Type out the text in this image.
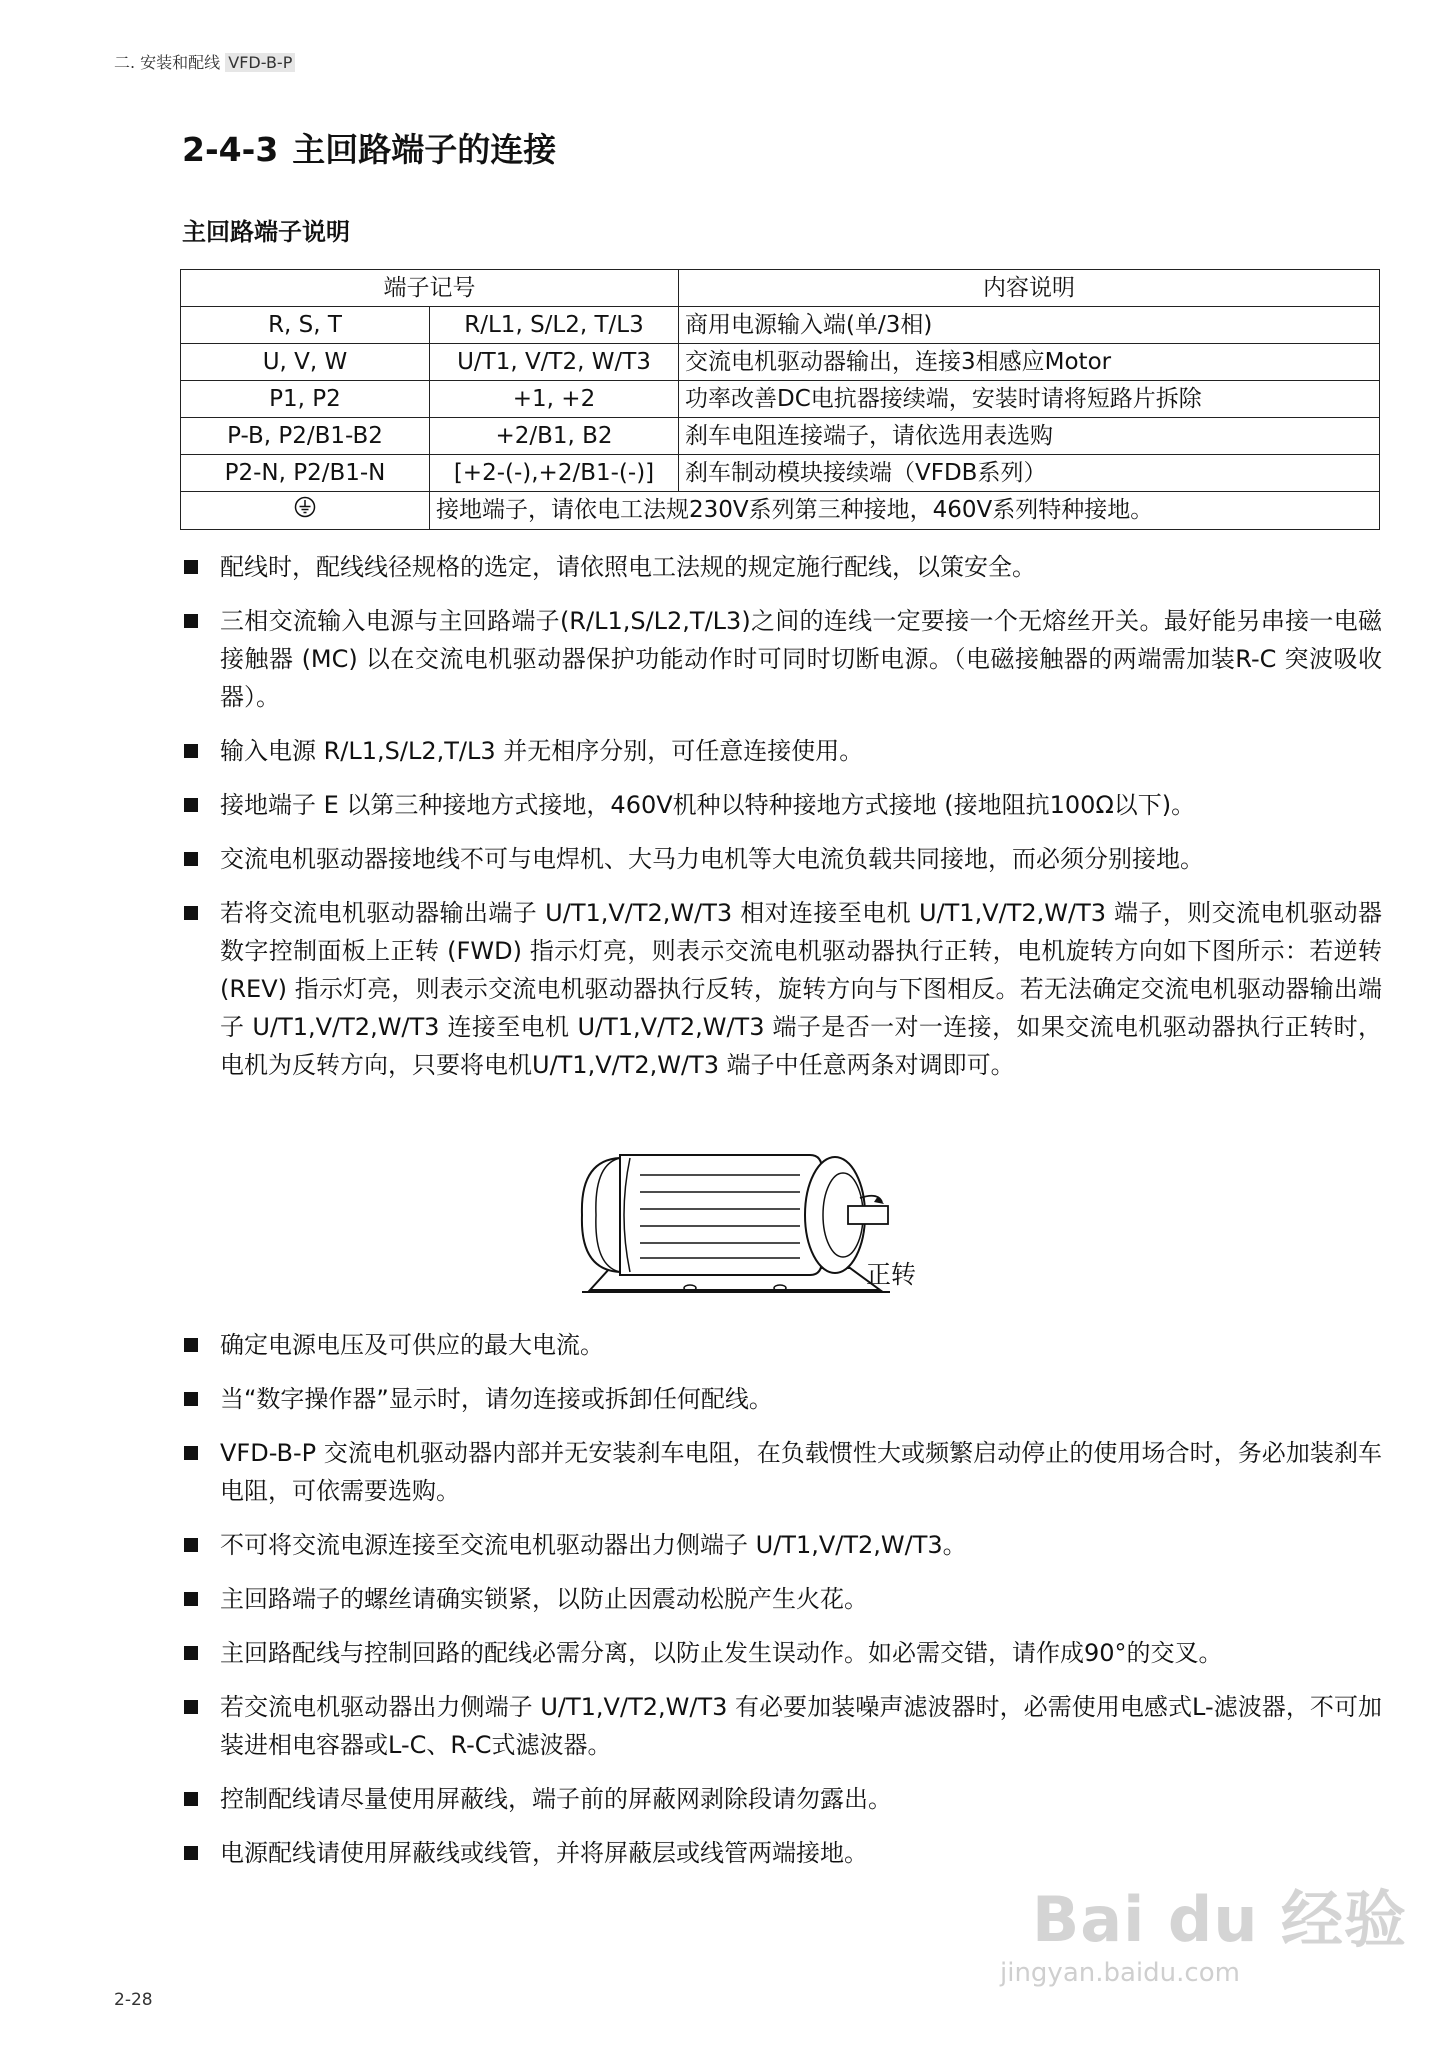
二. 安装和配线 VFD-B-P
2-4-3 主回路端子的连接
主回路端子说明
端子记号		内容说明
R, S, T	R/L1, S/L2, T/L3	商用电源输入端(单/3相)
U, V, W	U/T1, V/T2, W/T3	交流电机驱动器输出，连接3相感应Motor
P1, P2	+1, +2	功率改善DC电抗器接续端，安装时请将短路片拆除
P-B, P2/B1-B2	+2/B1, B2	刹车电阻连接端子，请依选用表选购
P2-N, P2/B1-N	[+2-(-),+2/B1-(-)]	刹车制动模块接续端（VFDB系列）
	接地端子，请依电工法规230V系列第三种接地，460V系列特种接地。	
配线时，配线线径规格的选定，请依照电工法规的规定施行配线，以策安全。
三相交流输入电源与主回路端子(R/L1,S/L2,T/L3)之间的连线一定要接一个无熔丝开关。最好能另串接一电磁接触器 (MC) 以在交流电机驱动器保护功能动作时可同时切断电源。（电磁接触器的两端需加装R-C 突波吸收器）。
输入电源 R/L1,S/L2,T/L3 并无相序分别，可任意连接使用。
接地端子 E 以第三种接地方式接地，460V机种以特种接地方式接地 (接地阻抗100Ω以下)。
交流电机驱动器接地线不可与电焊机、大马力电机等大电流负载共同接地，而必须分别接地。
若将交流电机驱动器输出端子 U/T1,V/T2,W/T3 相对连接至电机 U/T1,V/T2,W/T3 端子，则交流电机驱动器数字控制面板上正转 (FWD) 指示灯亮，则表示交流电机驱动器执行正转，电机旋转方向如下图所示：若逆转 (REV) 指示灯亮，则表示交流电机驱动器执行反转，旋转方向与下图相反。若无法确定交流电机驱动器输出端子 U/T1,V/T2,W/T3 连接至电机 U/T1,V/T2,W/T3 端子是否一对一连接，如果交流电机驱动器执行正转时，电机为反转方向，只要将电机U/T1,V/T2,W/T3 端子中任意两条对调即可。
正转
确定电源电压及可供应的最大电流。
当“数字操作器”显示时，请勿连接或拆卸任何配线。
VFD-B-P 交流电机驱动器内部并无安装刹车电阻，在负载惯性大或频繁启动停止的使用场合时，务必加装刹车电阻，可依需要选购。
不可将交流电源连接至交流电机驱动器出力侧端子 U/T1,V/T2,W/T3。
主回路端子的螺丝请确实锁紧，以防止因震动松脱产生火花。
主回路配线与控制回路的配线必需分离，以防止发生误动作。如必需交错，请作成90°的交叉。
若交流电机驱动器出力侧端子 U/T1,V/T2,W/T3 有必要加装噪声滤波器时，必需使用电感式L-滤波器，不可加装进相电容器或L-C、R-C式滤波器。
控制配线请尽量使用屏蔽线，端子前的屏蔽网剥除段请勿露出。
电源配线请使用屏蔽线或线管，并将屏蔽层或线管两端接地。
Bai du 经验
jingyan.baidu.com
2-28
